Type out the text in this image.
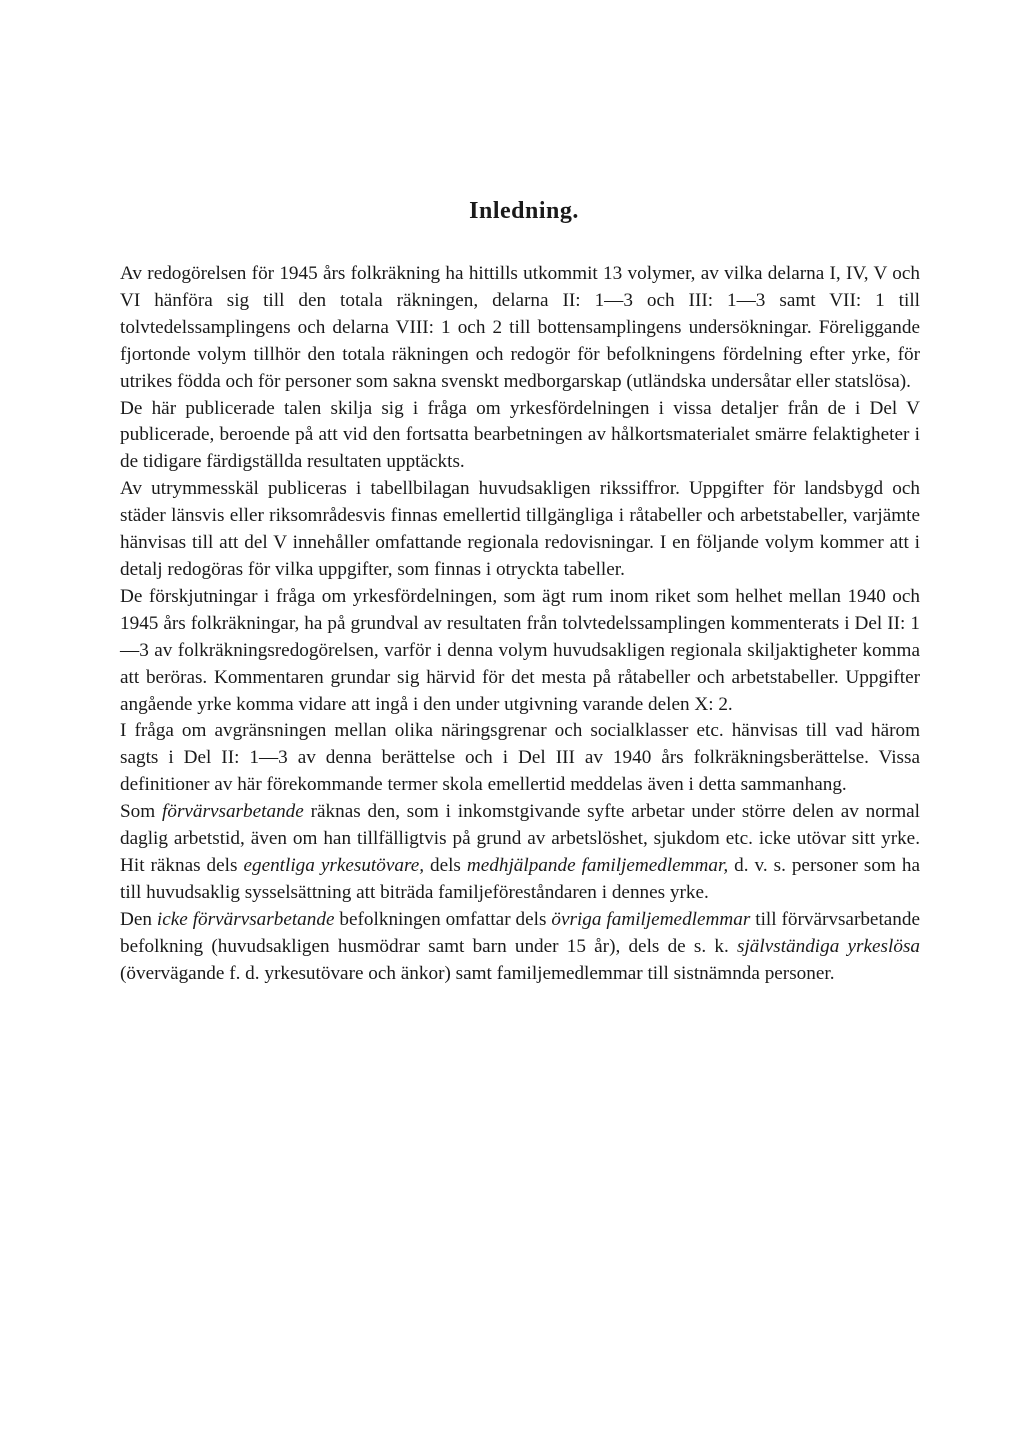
Inledning.

Av redogörelsen för 1945 års folkräkning ha hittills utkommit 13 volymer, av vilka delarna I, IV, V och VI hänföra sig till den totala räkningen, delarna II: 1—3 och III: 1—3 samt VII: 1 till tolvtedelssamplingens och delarna VIII: 1 och 2 till bottensamplingens undersökningar. Föreliggande fjortonde volym tillhör den totala räkningen och redogör för befolkningens fördelning efter yrke, för utrikes födda och för personer som sakna svenskt medborgarskap (utländska undersåtar eller statslösa).

De här publicerade talen skilja sig i fråga om yrkesfördelningen i vissa detaljer från de i Del V publicerade, beroende på att vid den fortsatta bearbetningen av hålkortsmaterialet smärre felaktigheter i de tidigare färdigställda resultaten upptäckts.

Av utrymmesskäl publiceras i tabellbilagan huvudsakligen rikssiffror. Uppgifter för landsbygd och städer länsvis eller riksområdesvis finnas emellertid tillgängliga i råtabeller och arbetstabeller, varjämte hänvisas till att del V innehåller omfattande regionala redovisningar. I en följande volym kommer att i detalj redogöras för vilka uppgifter, som finnas i otryckta tabeller.

De förskjutningar i fråga om yrkesfördelningen, som ägt rum inom riket som helhet mellan 1940 och 1945 års folkräkningar, ha på grundval av resultaten från tolvtedelssamplingen kommenterats i Del II: 1—3 av folkräkningsredogörelsen, varför i denna volym huvudsakligen regionala skiljaktigheter komma att beröras. Kommentaren grundar sig härvid för det mesta på råtabeller och arbetstabeller. Uppgifter angående yrke komma vidare att ingå i den under utgivning varande delen X: 2.

I fråga om avgränsningen mellan olika näringsgrenar och socialklasser etc. hänvisas till vad härom sagts i Del II: 1—3 av denna berättelse och i Del III av 1940 års folkräkningsberättelse. Vissa definitioner av här förekommande termer skola emellertid meddelas även i detta sammanhang.

Som förvärvsarbetande räknas den, som i inkomstgivande syfte arbetar under större delen av normal daglig arbetstid, även om han tillfälligtvis på grund av arbetslöshet, sjukdom etc. icke utövar sitt yrke. Hit räknas dels egentliga yrkesutövare, dels medhjälpande familjemedlemmar, d. v. s. personer som ha till huvudsaklig sysselsättning att biträda familjeföreståndaren i dennes yrke.

Den icke förvärvsarbetande befolkningen omfattar dels övriga familjemedlemmar till förvärvsarbetande befolkning (huvudsakligen husmödrar samt barn under 15 år), dels de s. k. självständiga yrkeslösa (övervägande f. d. yrkesutövare och änkor) samt familjemedlemmar till sistnämnda personer.
